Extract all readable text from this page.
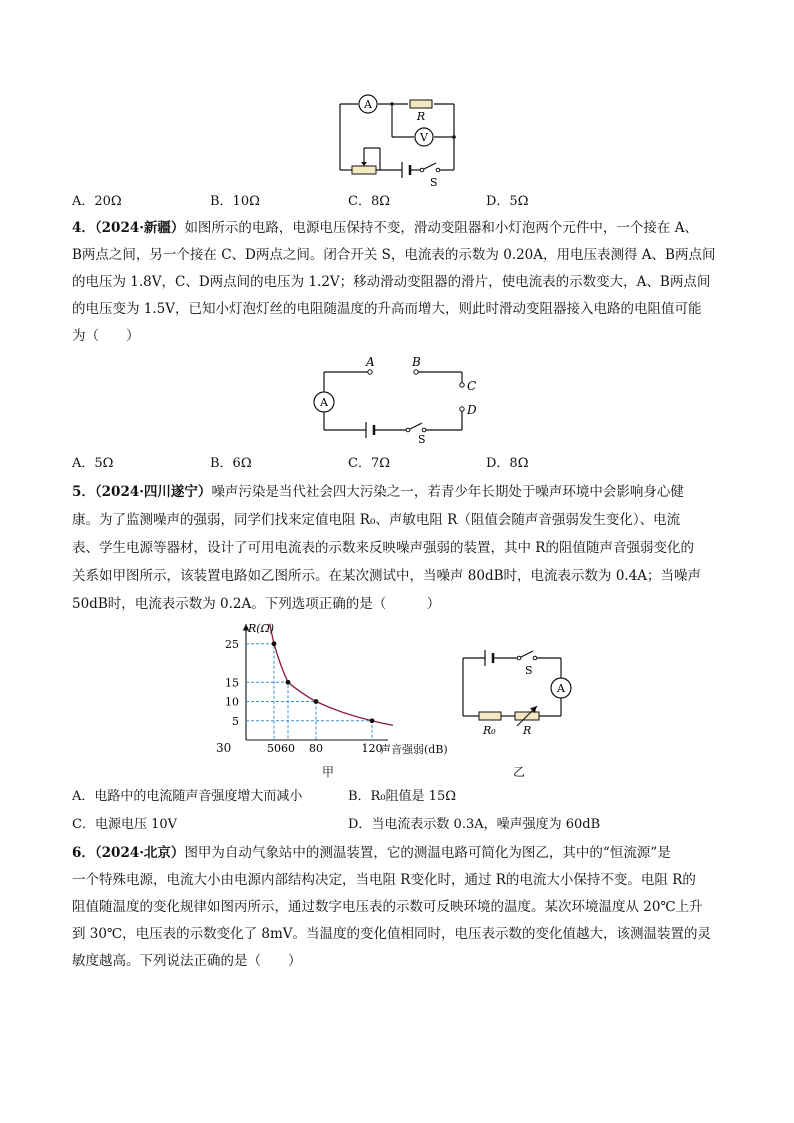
A
R
V
S
A．20Ω	B．10Ω	C．8Ω	D．5Ω
4．（2024·新疆）如图所示的电路，电源电压保持不变，滑动变阻器和小灯泡两个元件中，一个接在 A、
B两点之间，另一个接在 C、D两点之间。闭合开关 S，电流表的示数为 0.20A，用电压表测得 A、B两点间
的电压为 1.8V，C、D两点间的电压为 1.2V；移动滑动变阻器的滑片，使电流表的示数变大，A、B两点间
的电压变为 1.5V，已知小灯泡灯丝的电阻随温度的升高而增大，则此时滑动变阻器接入电路的电阻值可能
为（　　）
A
A	B
C
D
S
A．5Ω	B．6Ω	C．7Ω	D．8Ω
5．（2024·四川遂宁）噪声污染是当代社会四大污染之一，若青少年长期处于噪声环境中会影响身心健
康。为了监测噪声的强弱，同学们找来定值电阻 R₀、声敏电阻 R（阻值会随声音强弱发生变化）、电流
表、学生电源等器材，设计了可用电流表的示数来反映噪声强弱的装置，其中 R的阻值随声音强弱变化的
关系如甲图所示，该装置电路如乙图所示。在某次测试中，当噪声 80dB时，电流表示数为 0.4A；当噪声
50dB时，电流表示数为 0.2A。下列选项正确的是（　　　）
5
10
15
25
50 60 80	120
R(Ω)
30	声音强弱(dB)
甲
S
A
R₀ R
乙
A．电路中的电流随声音强度增大而减小	B．R₀阻值是 15Ω
C．电源电压 10V	D．当电流表示数 0.3A，噪声强度为 60dB
6．（2024·北京）图甲为自动气象站中的测温装置，它的测温电路可简化为图乙，其中的“恒流源”是
一个特殊电源，电流大小由电源内部结构决定，当电阻 R变化时，通过 R的电流大小保持不变。电阻 R的
阻值随温度的变化规律如图丙所示，通过数字电压表的示数可反映环境的温度。某次环境温度从 20℃上升
到 30℃，电压表的示数变化了 8mV。当温度的变化值相同时，电压表示数的变化值越大，该测温装置的灵
敏度越高。下列说法正确的是（　　）
